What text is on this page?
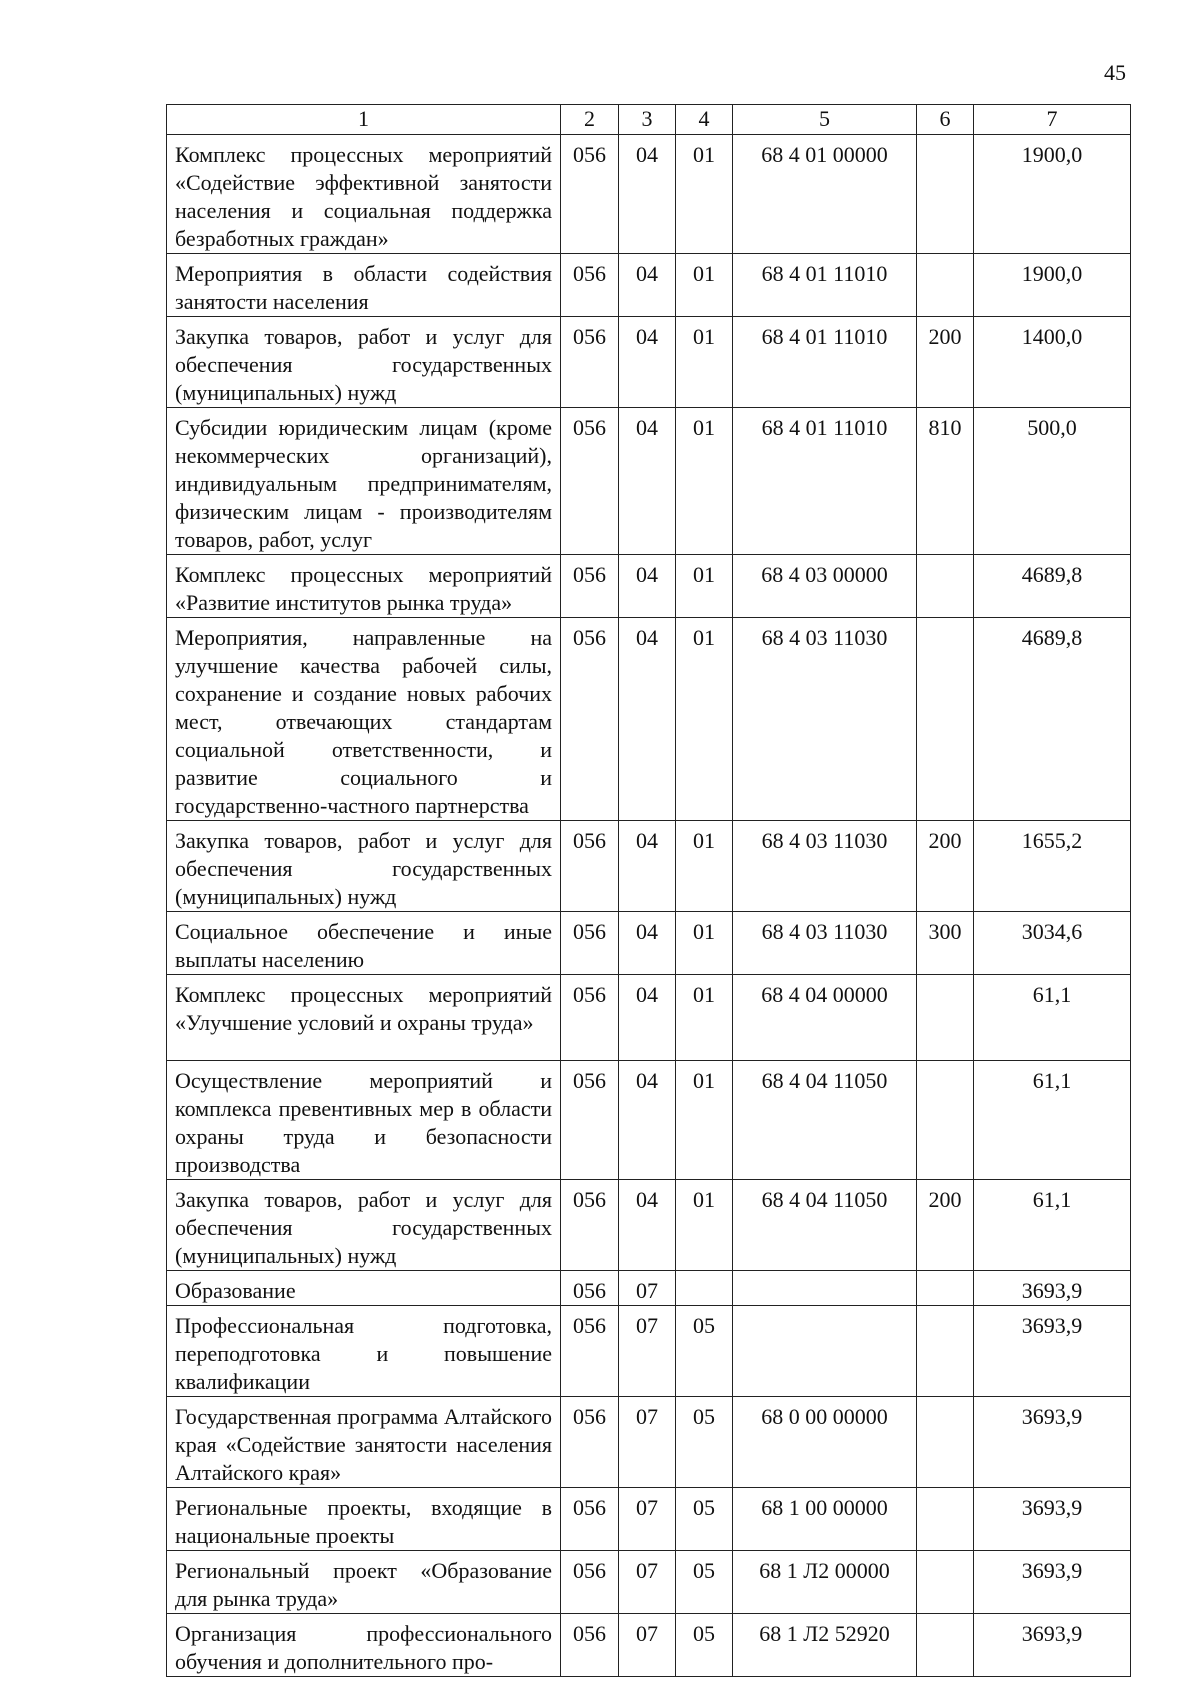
45
1	2	3	4	5	6	7
Комплекс процессных мероприятий «Содействие эффективной занятости населения и социальная поддержка безработных граждан»	056	04	01	68 4 01 00000		1900,0
Мероприятия в области содействия занятости населения	056	04	01	68 4 01 11010		1900,0
Закупка товаров, работ и услуг для обеспечения государственных (муниципальных) нужд	056	04	01	68 4 01 11010	200	1400,0
Субсидии юридическим лицам (кроме некоммерческих организаций), индивидуальным предпринимателям, физическим лицам - производителям товаров, работ, услуг	056	04	01	68 4 01 11010	810	500,0
Комплекс процессных мероприятий «Развитие институтов рынка труда»	056	04	01	68 4 03 00000		4689,8
Мероприятия, направленные на улучшение качества рабочей силы, сохранение и создание новых рабочих мест, отвечающих стандартам социальной ответственности, и развитие социального и государственно-частного партнерства	056	04	01	68 4 03 11030		4689,8
Закупка товаров, работ и услуг для обеспечения государственных (муниципальных) нужд	056	04	01	68 4 03 11030	200	1655,2
Социальное обеспечение и иные выплаты населению	056	04	01	68 4 03 11030	300	3034,6
Комплекс процессных мероприятий «Улучшение условий и охраны труда»	056	04	01	68 4 04 00000		61,1
Осуществление мероприятий и комплекса превентивных мер в области охраны труда и безопасности производства	056	04	01	68 4 04 11050		61,1
Закупка товаров, работ и услуг для обеспечения государственных (муниципальных) нужд	056	04	01	68 4 04 11050	200	61,1
Образование	056	07				3693,9
Профессиональная подготовка, переподготовка и повышение квалификации	056	07	05			3693,9
Государственная программа Алтайского края «Содействие занятости населения Алтайского края»	056	07	05	68 0 00 00000		3693,9
Региональные проекты, входящие в национальные проекты	056	07	05	68 1 00 00000		3693,9
Региональный проект «Образование для рынка труда»	056	07	05	68 1 Л2 00000		3693,9
Организация профессионального обучения и дополнительного про-	056	07	05	68 1 Л2 52920		3693,9
